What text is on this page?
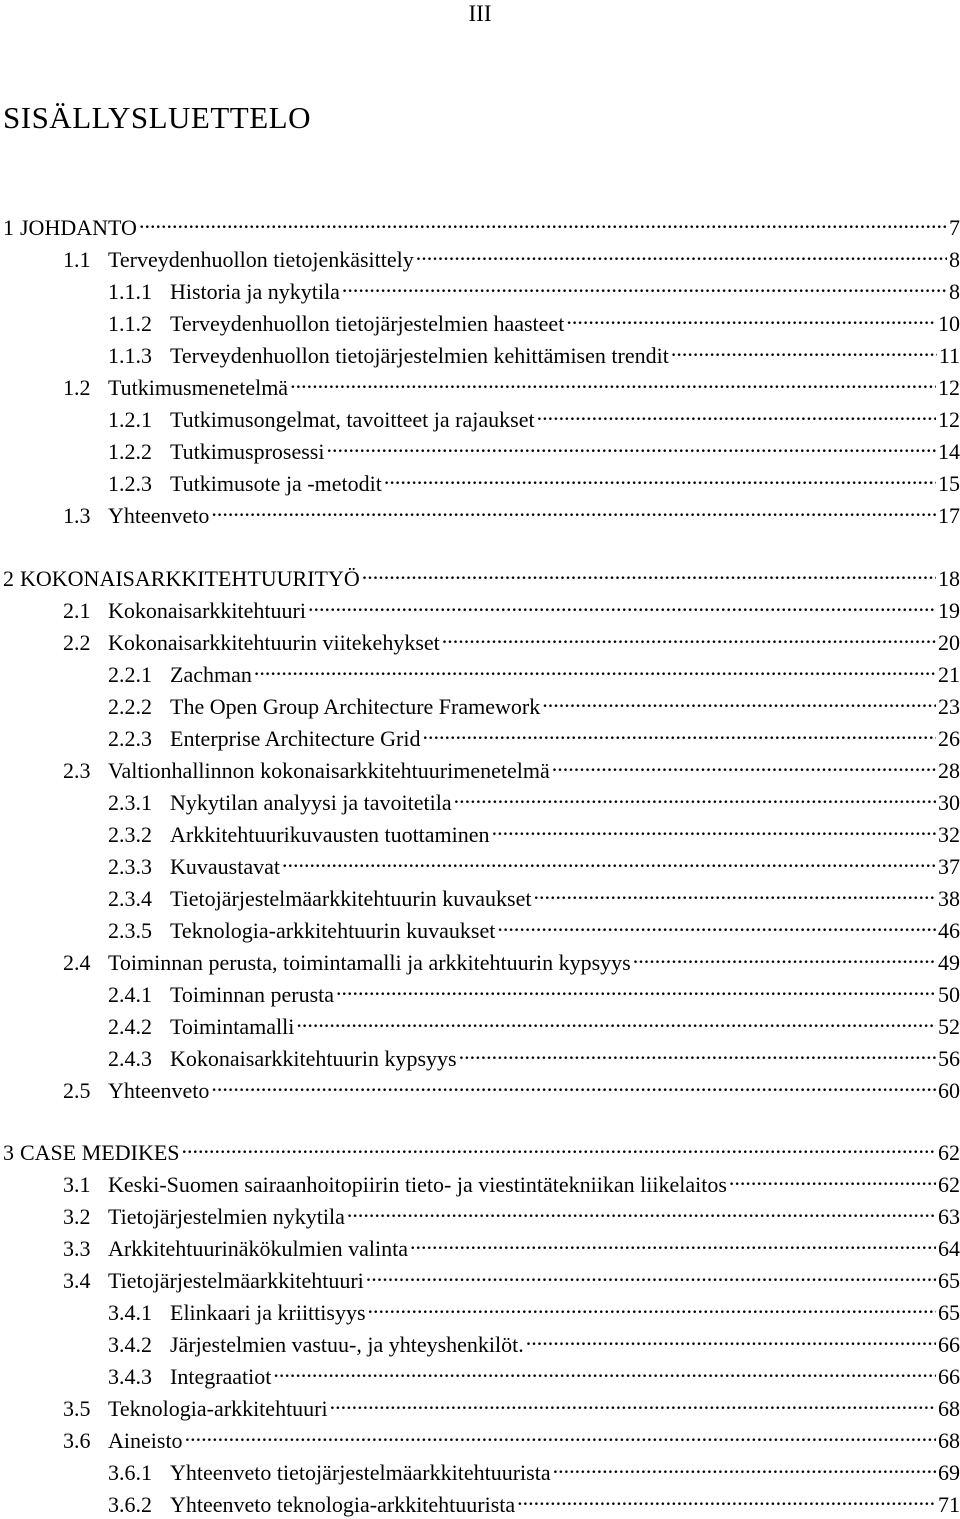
III
SISÄLLYSLUETTELO
1 JOHDANTO .....	7
1.1 Terveydenhuollon tietojenkäsittely .....	8
1.1.1 Historia ja nykytila .....	8
1.1.2 Terveydenhuollon tietojärjestelmien haasteet .....	10
1.1.3 Terveydenhuollon tietojärjestelmien kehittämisen trendit .....	11
1.2 Tutkimusmenetelmä .....	12
1.2.1 Tutkimusongelmat, tavoitteet ja rajaukset .....	12
1.2.2 Tutkimusprosessi .....	14
1.2.3 Tutkimusote ja -metodit .....	15
1.3 Yhteenveto .....	17
2 KOKONAISARKKITEHTUURITYÖ .....	18
2.1 Kokonaisarkkitehtuuri .....	19
2.2 Kokonaisarkkitehtuurin viitekehykset .....	20
2.2.1 Zachman .....	21
2.2.2 The Open Group Architecture Framework .....	23
2.2.3 Enterprise Architecture Grid .....	26
2.3 Valtionhallinnon kokonaisarkkitehtuurimenetelmä .....	28
2.3.1 Nykytilan analyysi ja tavoitetila .....	30
2.3.2 Arkkitehtuurikuvausten tuottaminen .....	32
2.3.3 Kuvaustavat .....	37
2.3.4 Tietojärjestelmäarkkitehtuurin kuvaukset .....	38
2.3.5 Teknologia-arkkitehtuurin kuvaukset .....	46
2.4 Toiminnan perusta, toimintamalli ja arkkitehtuurin kypsyys .....	49
2.4.1 Toiminnan perusta .....	50
2.4.2 Toimintamalli .....	52
2.4.3 Kokonaisarkkitehtuurin kypsyys .....	56
2.5 Yhteenveto .....	60
3 CASE MEDIKES .....	62
3.1 Keski-Suomen sairaanhoitopiirin tieto- ja viestintätekniikan liikelaitos .....	62
3.2 Tietojärjestelmien nykytila .....	63
3.3 Arkkitehtuurinäkökulmien valinta .....	64
3.4 Tietojärjestelmäarkkitehtuuri .....	65
3.4.1 Elinkaari ja kriittisyys .....	65
3.4.2 Järjestelmien vastuu-, ja yhteyshenkilöt. .....	66
3.4.3 Integraatiot .....	66
3.5 Teknologia-arkkitehtuuri .....	68
3.6 Aineisto .....	68
3.6.1 Yhteenveto tietojärjestelmäarkkitehtuurista .....	69
3.6.2 Yhteenveto teknologia-arkkitehtuurista .....	71
